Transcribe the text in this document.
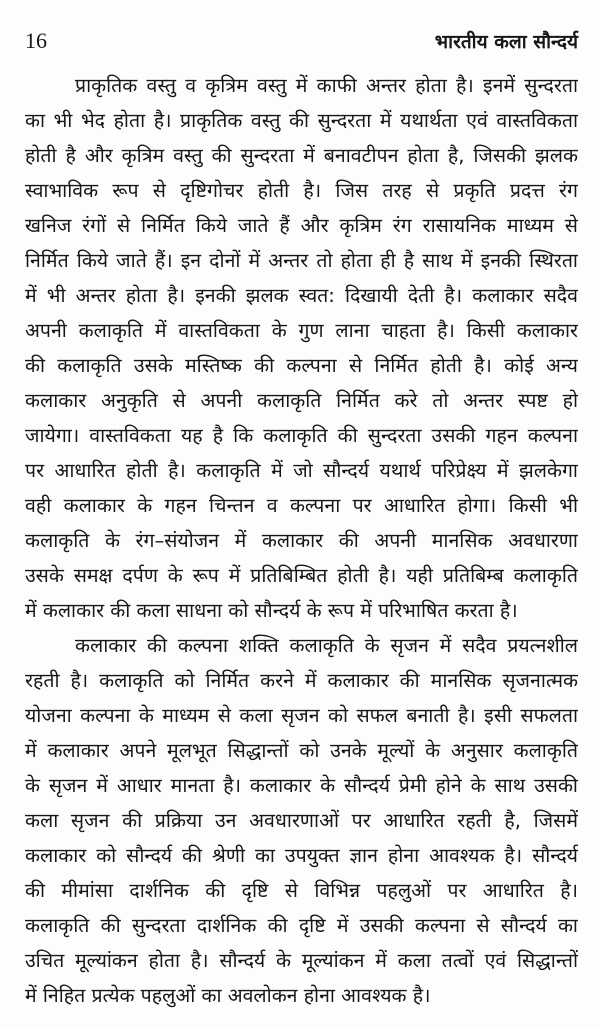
16	भारतीय कला सौन्दर्य
प्राकृतिक वस्तु व कृत्रिम वस्तु में काफी अन्तर होता है। इनमें सुन्दरता
का भी भेद होता है। प्राकृतिक वस्तु की सुन्दरता में यथार्थता एवं वास्तविकता
होती है और कृत्रिम वस्तु की सुन्दरता में बनावटीपन होता है, जिसकी झलक
स्वाभाविक रूप से दृष्टिगोचर होती है। जिस तरह से प्रकृति प्रदत्त रंग
खनिज रंगों से निर्मित किये जाते हैं और कृत्रिम रंग रासायनिक माध्यम से
निर्मित किये जाते हैं। इन दोनों में अन्तर तो होता ही है साथ में इनकी स्थिरता
में भी अन्तर होता है। इनकी झलक स्वत: दिखायी देती है। कलाकार सदैव
अपनी कलाकृति में वास्तविकता के गुण लाना चाहता है। किसी कलाकार
की कलाकृति उसके मस्तिष्क की कल्पना से निर्मित होती है। कोई अन्य
कलाकार अनुकृति से अपनी कलाकृति निर्मित करे तो अन्तर स्पष्ट हो
जायेगा। वास्तविकता यह है कि कलाकृति की सुन्दरता उसकी गहन कल्पना
पर आधारित होती है। कलाकृति में जो सौन्दर्य यथार्थ परिप्रेक्ष्य में झलकेगा
वही कलाकार के गहन चिन्तन व कल्पना पर आधारित होगा। किसी भी
कलाकृति के रंग–संयोजन में कलाकार की अपनी मानसिक अवधारणा
उसके समक्ष दर्पण के रूप में प्रतिबिम्बित होती है। यही प्रतिबिम्ब कलाकृति
में कलाकार की कला साधना को सौन्दर्य के रूप में परिभाषित करता है।
कलाकार की कल्पना शक्ति कलाकृति के सृजन में सदैव प्रयत्नशील
रहती है। कलाकृति को निर्मित करने में कलाकार की मानसिक सृजनात्मक
योजना कल्पना के माध्यम से कला सृजन को सफल बनाती है। इसी सफलता
में कलाकार अपने मूलभूत सिद्धान्तों को उनके मूल्यों के अनुसार कलाकृति
के सृजन में आधार मानता है। कलाकार के सौन्दर्य प्रेमी होने के साथ उसकी
कला सृजन की प्रक्रिया उन अवधारणाओं पर आधारित रहती है, जिसमें
कलाकार को सौन्दर्य की श्रेणी का उपयुक्त ज्ञान होना आवश्यक है। सौन्दर्य
की मीमांसा दार्शनिक की दृष्टि से विभिन्न पहलुओं पर आधारित है।
कलाकृति की सुन्दरता दार्शनिक की दृष्टि में उसकी कल्पना से सौन्दर्य का
उचित मूल्यांकन होता है। सौन्दर्य के मूल्यांकन में कला तत्वों एवं सिद्धान्तों
में निहित प्रत्येक पहलुओं का अवलोकन होना आवश्यक है।
